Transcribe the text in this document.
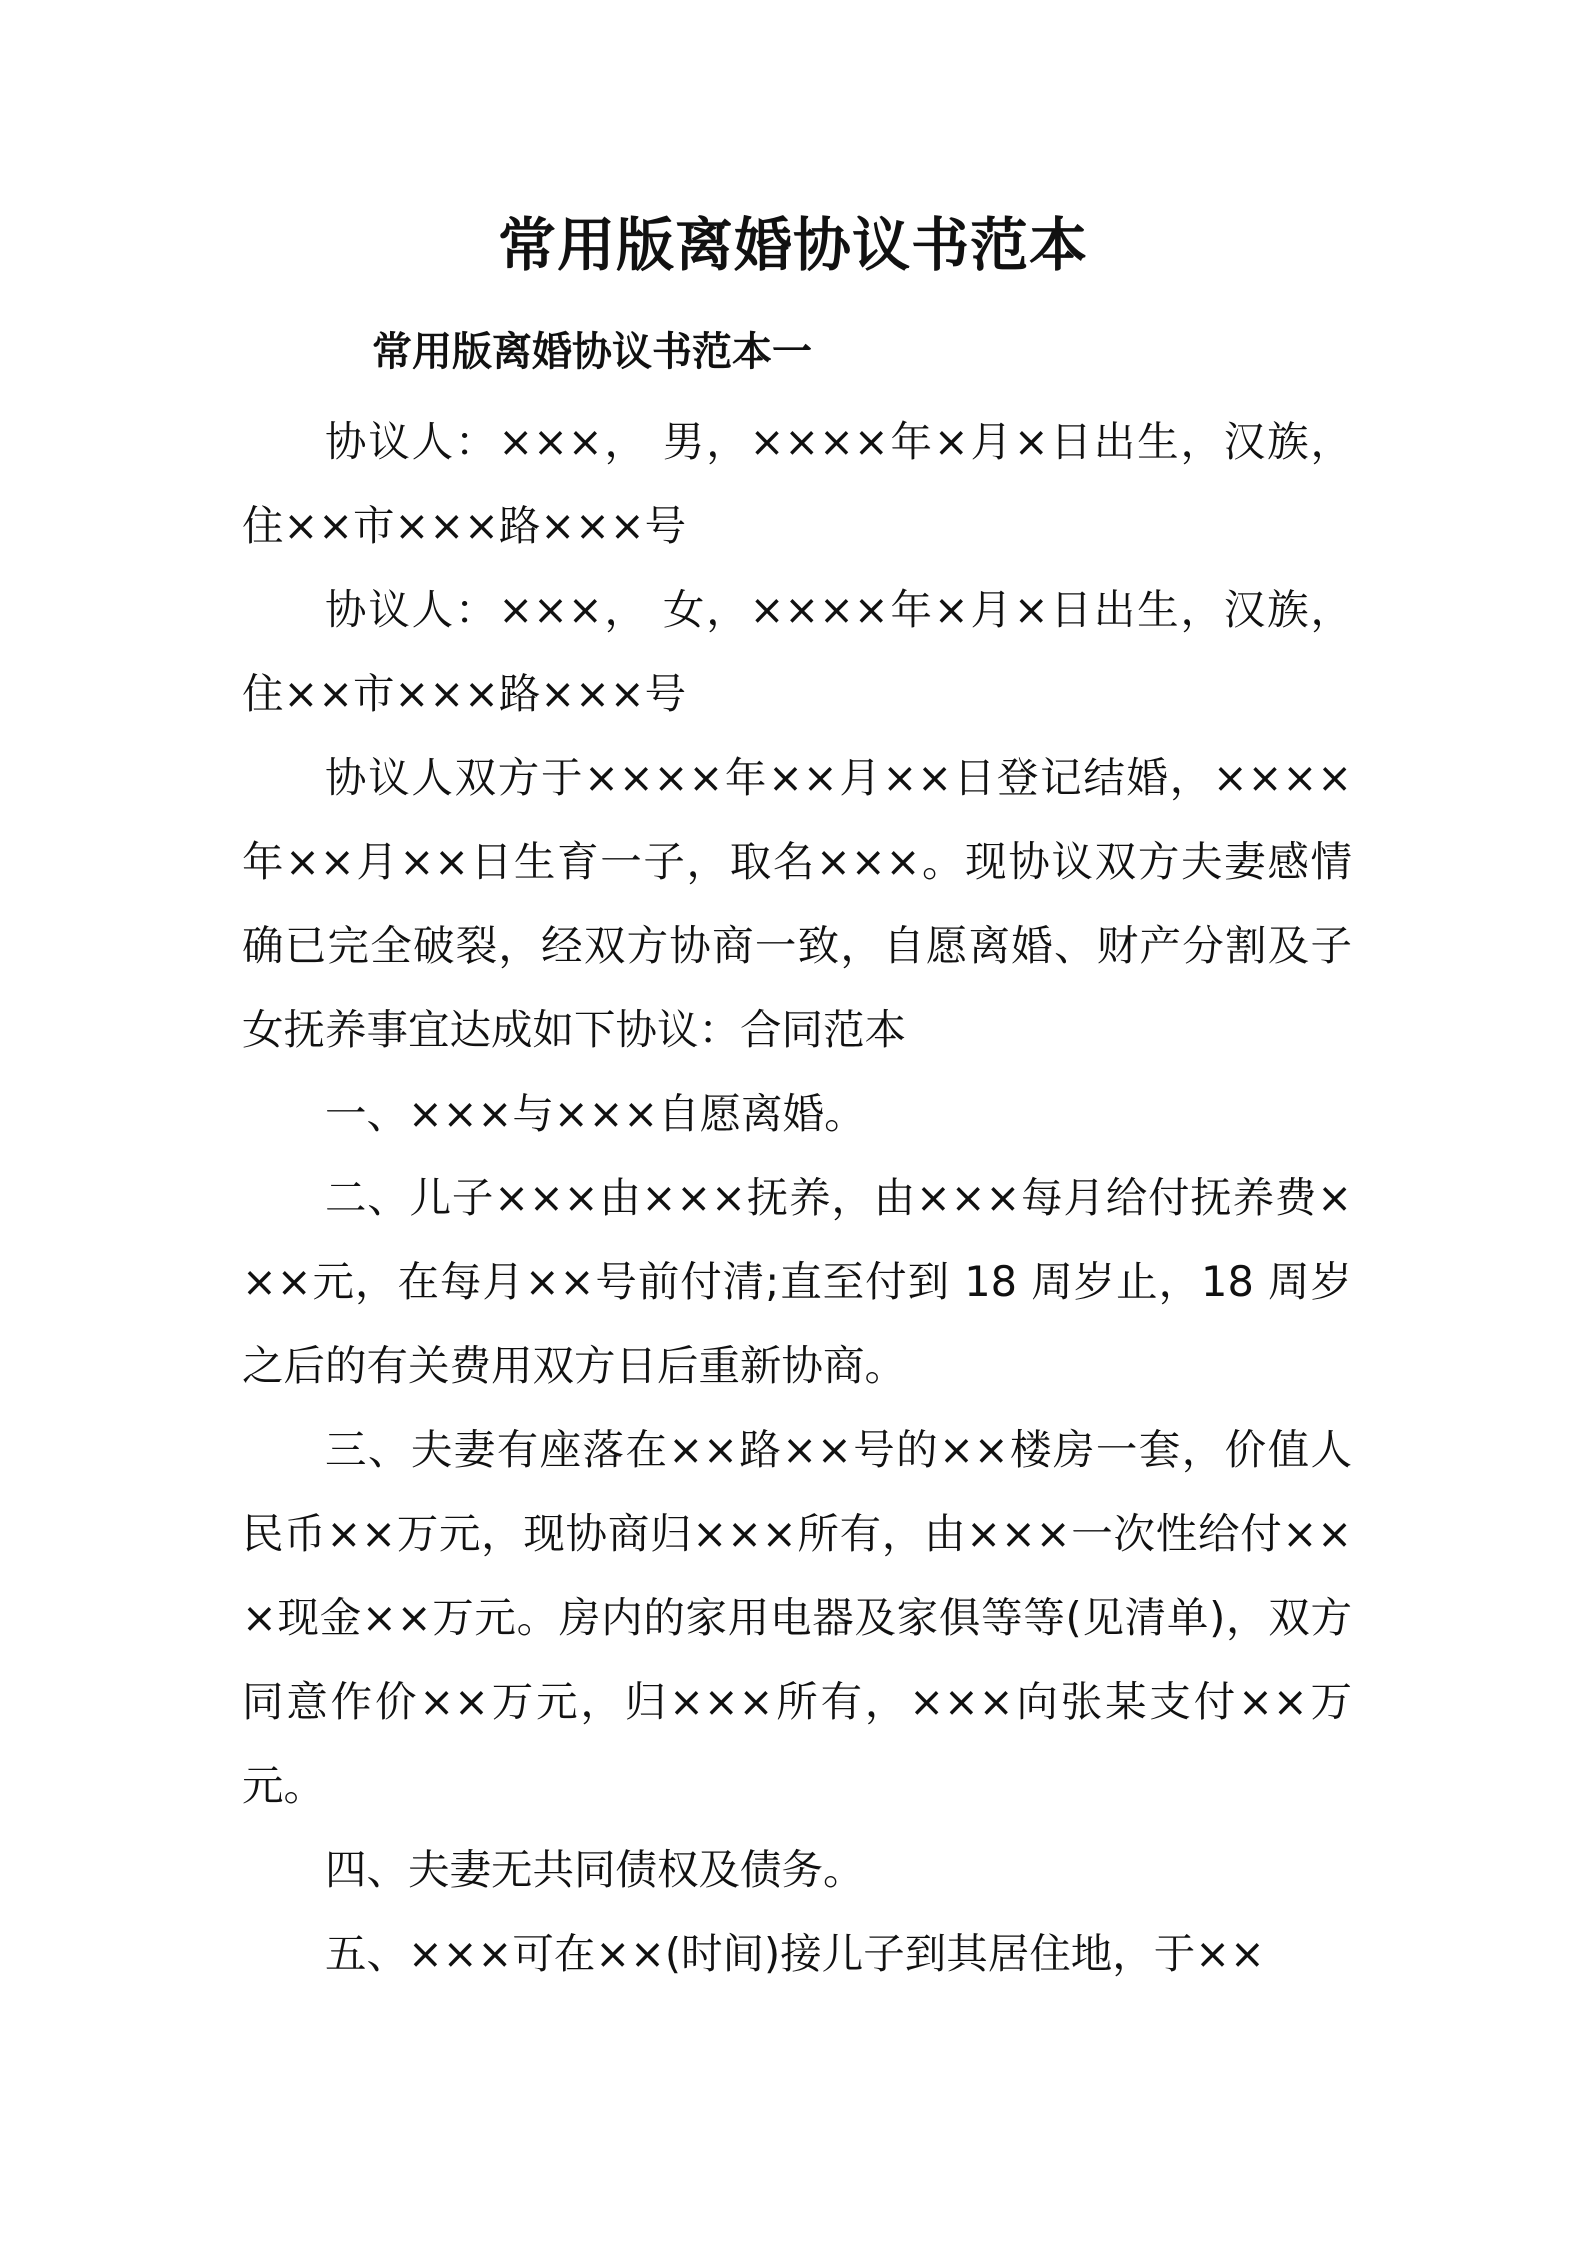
常用版离婚协议书范本
常用版离婚协议书范本一

协议人：×××， 男，××××年×月×日出生，汉族，住××市×××路×××号

协议人：×××， 女，××××年×月×日出生，汉族，住××市×××路×××号

协议人双方于××××年××月××日登记结婚，××××年××月××日生育一子，取名×××。现协议双方夫妻感情确已完全破裂，经双方协商一致，自愿离婚、财产分割及子女抚养事宜达成如下协议：合同范本

一、×××与×××自愿离婚。

二、儿子×××由×××抚养，由×××每月给付抚养费×××元，在每月××号前付清;直至付到 18 周岁止，18 周岁之后的有关费用双方日后重新协商。

三、夫妻有座落在××路××号的××楼房一套，价值人民币××万元，现协商归×××所有，由×××一次性给付×××现金××万元。房内的家用电器及家俱等等(见清单)，双方同意作价××万元，归×××所有，×××向张某支付××万元。

四、夫妻无共同债权及债务。

五、×××可在××(时间)接儿子到其居住地，于××
